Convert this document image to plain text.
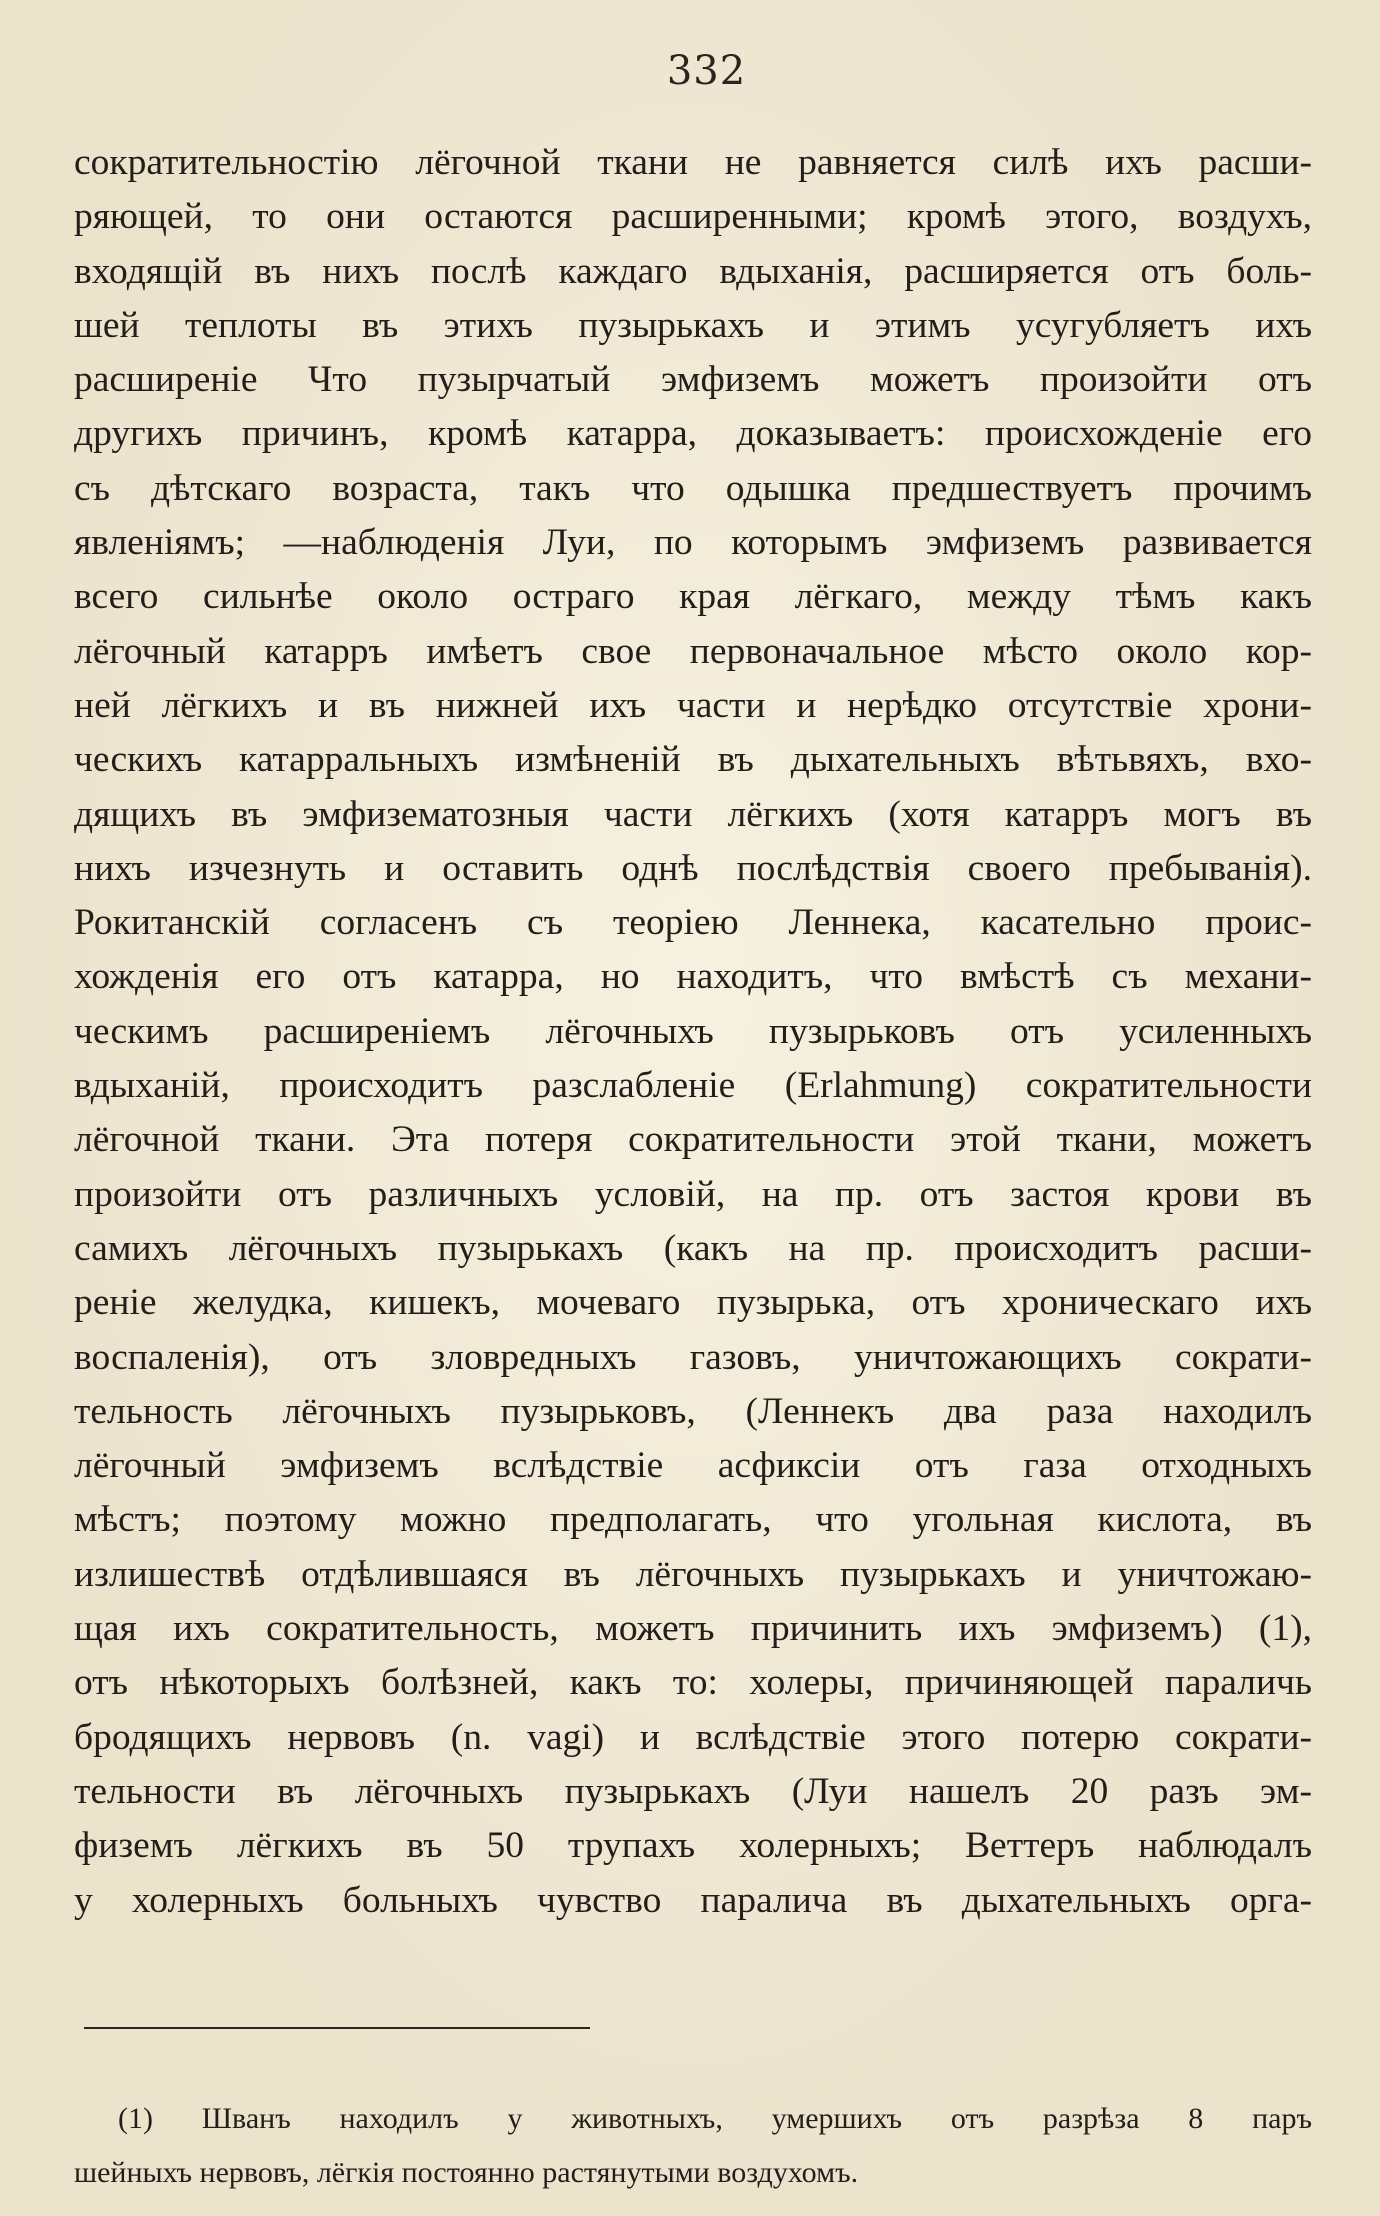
332
сократительностію лёгочной ткани не равняется силѣ ихъ расши-
ряющей, то они остаются расширенными; кромѣ этого, воздухъ,
входящій въ нихъ послѣ каждаго вдыханія, расширяется отъ боль-
шей теплоты въ этихъ пузырькахъ и этимъ усугубляетъ ихъ
расширеніе Что пузырчатый эмфиземъ можетъ произойти отъ
другихъ причинъ, кромѣ катарра, доказываетъ: происхожденіе его
съ дѣтскаго возраста, такъ что одышка предшествуетъ прочимъ
явленіямъ; —наблюденія Луи, по которымъ эмфиземъ развивается
всего сильнѣе около остраго края лёгкаго, между тѣмъ какъ
лёгочный катарръ имѣетъ свое первоначальное мѣсто около кор-
ней лёгкихъ и въ нижней ихъ части и нерѣдко отсутствіе хрони-
ческихъ катарральныхъ измѣненій въ дыхательныхъ вѣтьвяхъ, вхо-
дящихъ въ эмфизематозныя части лёгкихъ (хотя катарръ могъ въ
нихъ изчезнуть и оставить однѣ послѣдствія своего пребыванія).
Рокитанскій согласенъ съ теоріею Леннека, касательно проис-
хожденія его отъ катарра, но находитъ, что вмѣстѣ съ механи-
ческимъ расширеніемъ лёгочныхъ пузырьковъ отъ усиленныхъ
вдыханій, происходитъ разслабленіе (Erlahmung) сократительности
лёгочной ткани. Эта потеря сократительности этой ткани, можетъ
произойти отъ различныхъ условій, на пр. отъ застоя крови въ
самихъ лёгочныхъ пузырькахъ (какъ на пр. происходитъ расши-
реніе желудка, кишекъ, мочеваго пузырька, отъ хроническаго ихъ
воспаленія), отъ зловредныхъ газовъ, уничтожающихъ сократи-
тельность лёгочныхъ пузырьковъ, (Леннекъ два раза находилъ
лёгочный эмфиземъ вслѣдствіе асфиксіи отъ газа отходныхъ
мѣстъ; поэтому можно предполагать, что угольная кислота, въ
излишествѣ отдѣлившаяся въ лёгочныхъ пузырькахъ и уничтожаю-
щая ихъ сократительность, можетъ причинить ихъ эмфиземъ) (1),
отъ нѣкоторыхъ болѣзней, какъ то: холеры, причиняющей параличь
бродящихъ нервовъ (n. vagi) и вслѣдствіе этого потерю сократи-
тельности въ лёгочныхъ пузырькахъ (Луи нашелъ 20 разъ эм-
физемъ лёгкихъ въ 50 трупахъ холерныхъ; Веттеръ наблюдалъ
у холерныхъ больныхъ чувство паралича въ дыхательныхъ орга-
(1) Шванъ находилъ у животныхъ, умершихъ отъ разрѣза 8 паръ
шейныхъ нервовъ, лёгкія постоянно растянутыми воздухомъ.
